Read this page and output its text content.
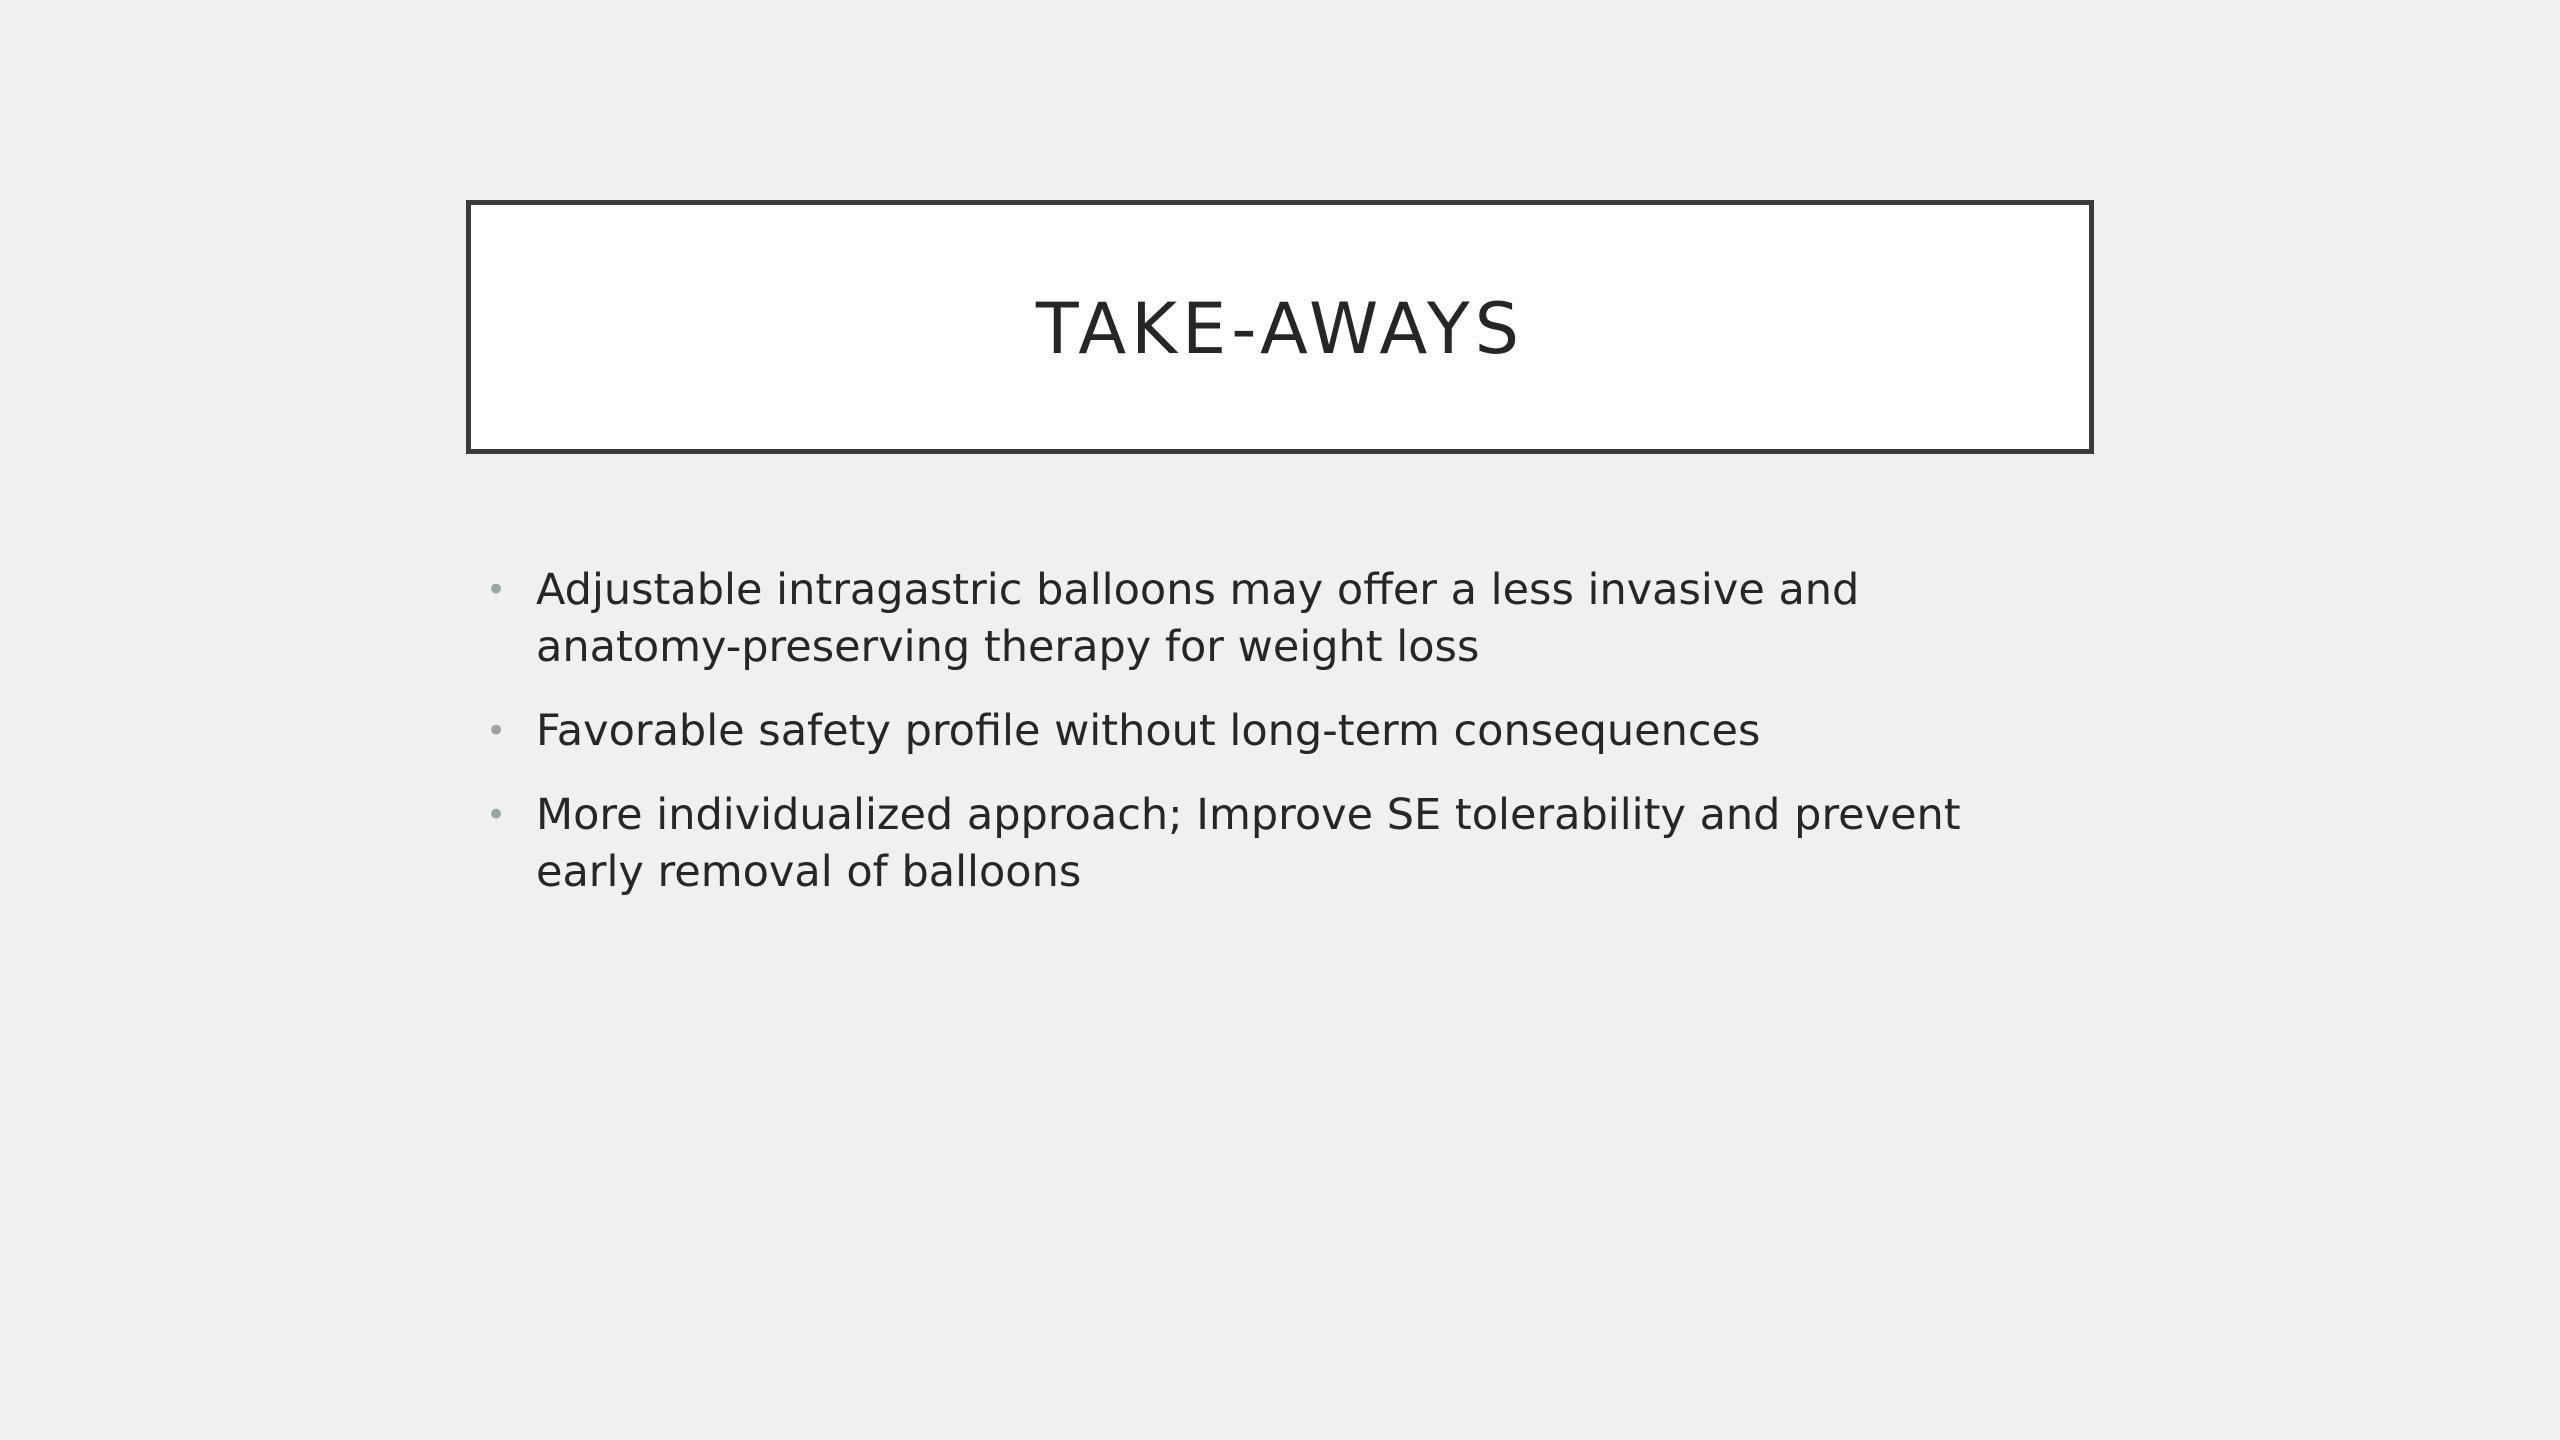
TAKE-AWAYS
• Adjustable intragastric balloons may offer a less invasive and anatomy-preserving therapy for weight loss
• Favorable safety profile without long-term consequences
• More individualized approach; Improve SE tolerability and prevent early removal of balloons
